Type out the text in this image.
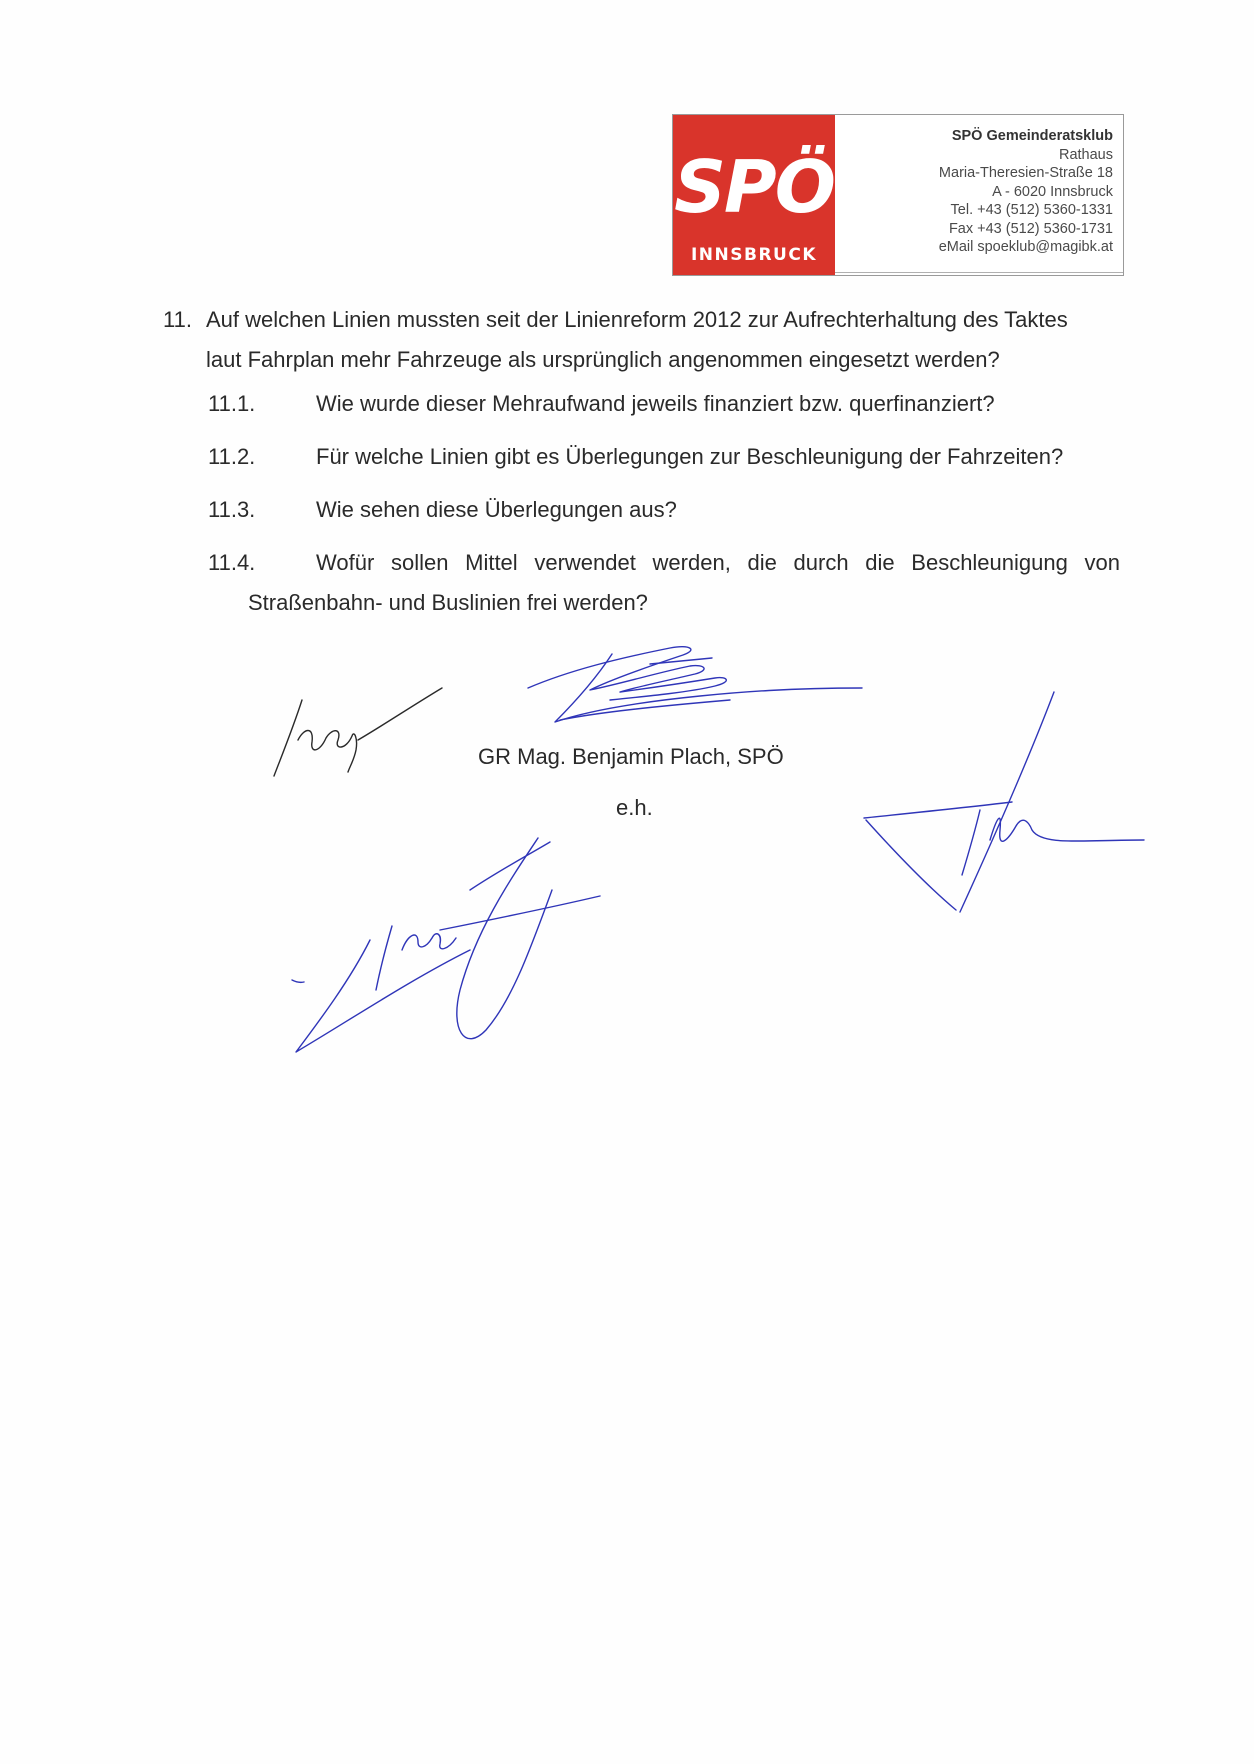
SPÖ
INNSBRUCK
SPÖ Gemeinderatsklub
Rathaus
Maria-Theresien-Straße 18
A - 6020 Innsbruck
Tel. +43 (512) 5360-1331
Fax +43 (512) 5360-1731
eMail spoeklub@magibk.at
11. Auf welchen Linien mussten seit der Linienreform 2012 zur Aufrechterhaltung des Taktes
laut Fahrplan mehr Fahrzeuge als ursprünglich angenommen eingesetzt werden?
11.1.	Wie wurde dieser Mehraufwand jeweils finanziert bzw. querfinanziert?
11.2.	Für welche Linien gibt es Überlegungen zur Beschleunigung der Fahrzeiten?
11.3.	Wie sehen diese Überlegungen aus?
11.4.	Wofür sollen Mittel verwendet werden, die durch die Beschleunigung von
Straßenbahn- und Buslinien frei werden?
GR Mag. Benjamin Plach, SPÖ
e.h.
